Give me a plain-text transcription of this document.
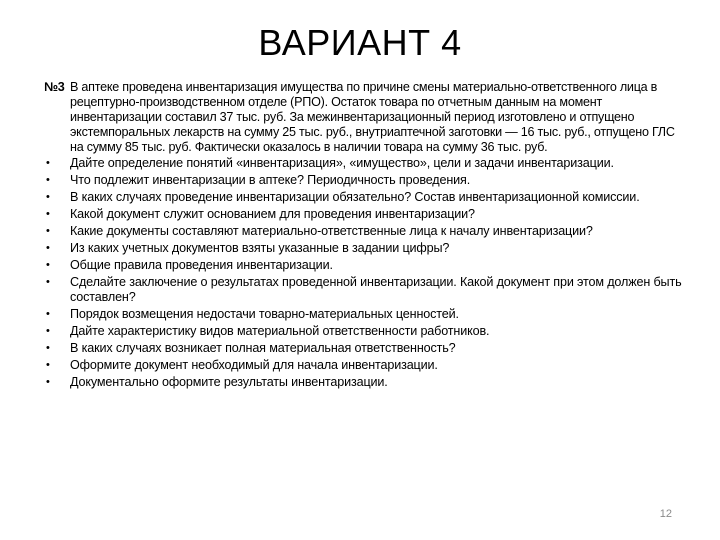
ВАРИАНТ 4
№3 В аптеке проведена инвентаризация имущества по причине смены материально-ответственного лица в рецептурно-производственном отделе (РПО). Остаток товара по отчетным данным на момент инвентаризации составил 37 тыс. руб. За межинвентаризационный период изготовлено и отпущено экстемпоральных лекарств на сумму 25 тыс. руб., внутриаптечной заготовки — 16 тыс. руб., отпущено ГЛС на сумму 85 тыс. руб. Фактически оказалось в наличии товара на сумму 36 тыс. руб.
•	Дайте определение понятий «инвентаризация», «имущество», цели и задачи инвентаризации.
•	Что подлежит инвентаризации в аптеке? Периодичность проведения.
•	В каких случаях проведение инвентаризации обязательно? Состав инвентаризационной комиссии.
•	Какой документ служит основанием для проведения инвентаризации?
•	Какие документы составляют материально-ответственные лица к началу инвентаризации?
•	Из каких учетных документов взяты указанные в задании цифры?
•	Общие правила проведения инвентаризации.
•	Сделайте заключение о результатах проведенной инвентаризации. Какой документ при этом должен быть составлен?
•	Порядок возмещения недостачи товарно-материальных ценностей.
•	Дайте характеристику видов материальной ответственности работников.
•	В каких случаях возникает полная материальная ответственность?
•	Оформите документ необходимый для начала инвентаризации.
•	Документально оформите результаты инвентаризации.
12
